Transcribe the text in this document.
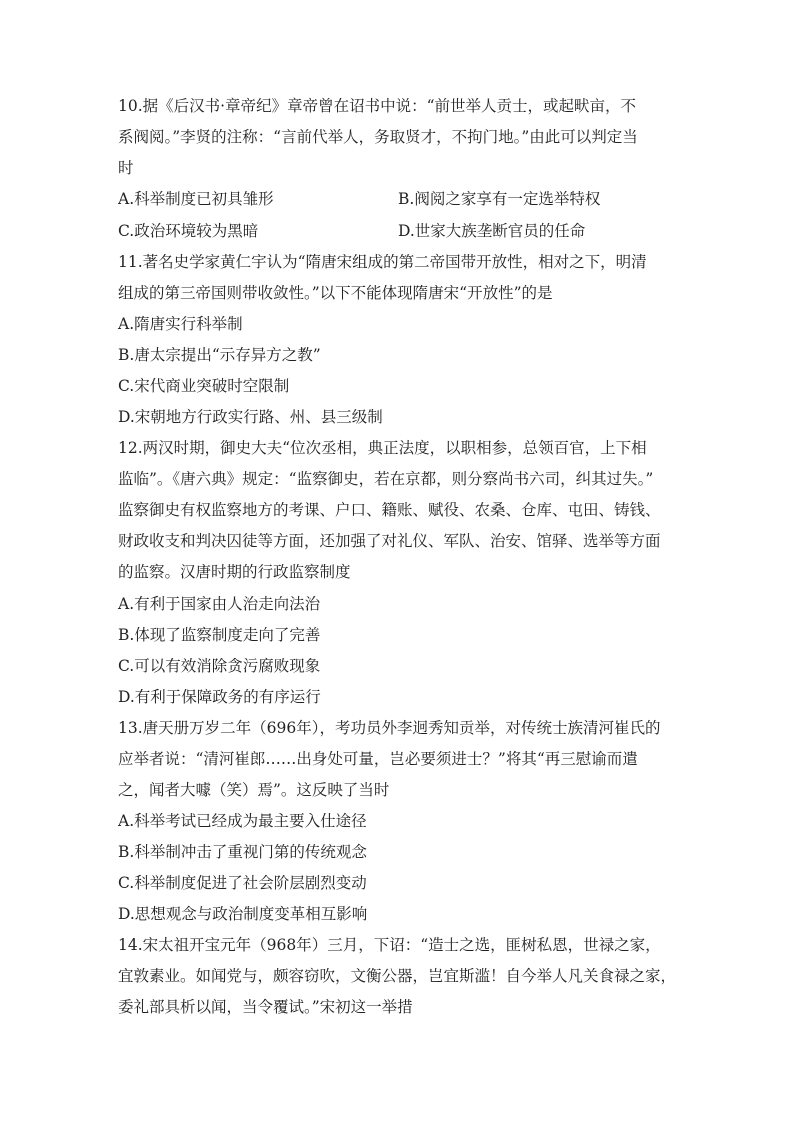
10.据《后汉书·章帝纪》章帝曾在诏书中说：“前世举人贡士，或起畎亩，不
系阀阅。”李贤的注称：“言前代举人，务取贤才，不拘门地。”由此可以判定当
时
A.科举制度已初具雏形	B.阀阅之家享有一定选举特权
C.政治环境较为黑暗	D.世家大族垄断官员的任命
11.著名史学家黄仁宇认为“隋唐宋组成的第二帝国带开放性，相对之下，明清
组成的第三帝国则带收敛性。”以下不能体现隋唐宋“开放性”的是
A.隋唐实行科举制
B.唐太宗提出“示存异方之教”
C.宋代商业突破时空限制
D.宋朝地方行政实行路、州、县三级制
12.两汉时期，御史大夫“位次丞相，典正法度，以职相参，总领百官，上下相
监临”。《唐六典》规定：“监察御史，若在京都，则分察尚书六司，纠其过失。”
监察御史有权监察地方的考课、户口、籍账、赋役、农桑、仓库、屯田、铸钱、
财政收支和判决囚徒等方面，还加强了对礼仪、军队、治安、馆驿、选举等方面
的监察。汉唐时期的行政监察制度
A.有利于国家由人治走向法治
B.体现了监察制度走向了完善
C.可以有效消除贪污腐败现象
D.有利于保障政务的有序运行
13.唐天册万岁二年（696年），考功员外李迥秀知贡举，对传统士族清河崔氏的
应举者说：“清河崔郎……出身处可量，岂必要须进士？”将其“再三慰谕而遣
之，闻者大噱（笑）焉”。这反映了当时
A.科举考试已经成为最主要入仕途径
B.科举制冲击了重视门第的传统观念
C.科举制度促进了社会阶层剧烈变动
D.思想观念与政治制度变革相互影响
14.宋太祖开宝元年（968年）三月，下诏：“造士之选，匪树私恩，世禄之家，
宜敦素业。如闻党与，颇容窃吹，文衡公器，岂宜斯滥！自今举人凡关食禄之家，
委礼部具析以闻，当令覆试。”宋初这一举措
